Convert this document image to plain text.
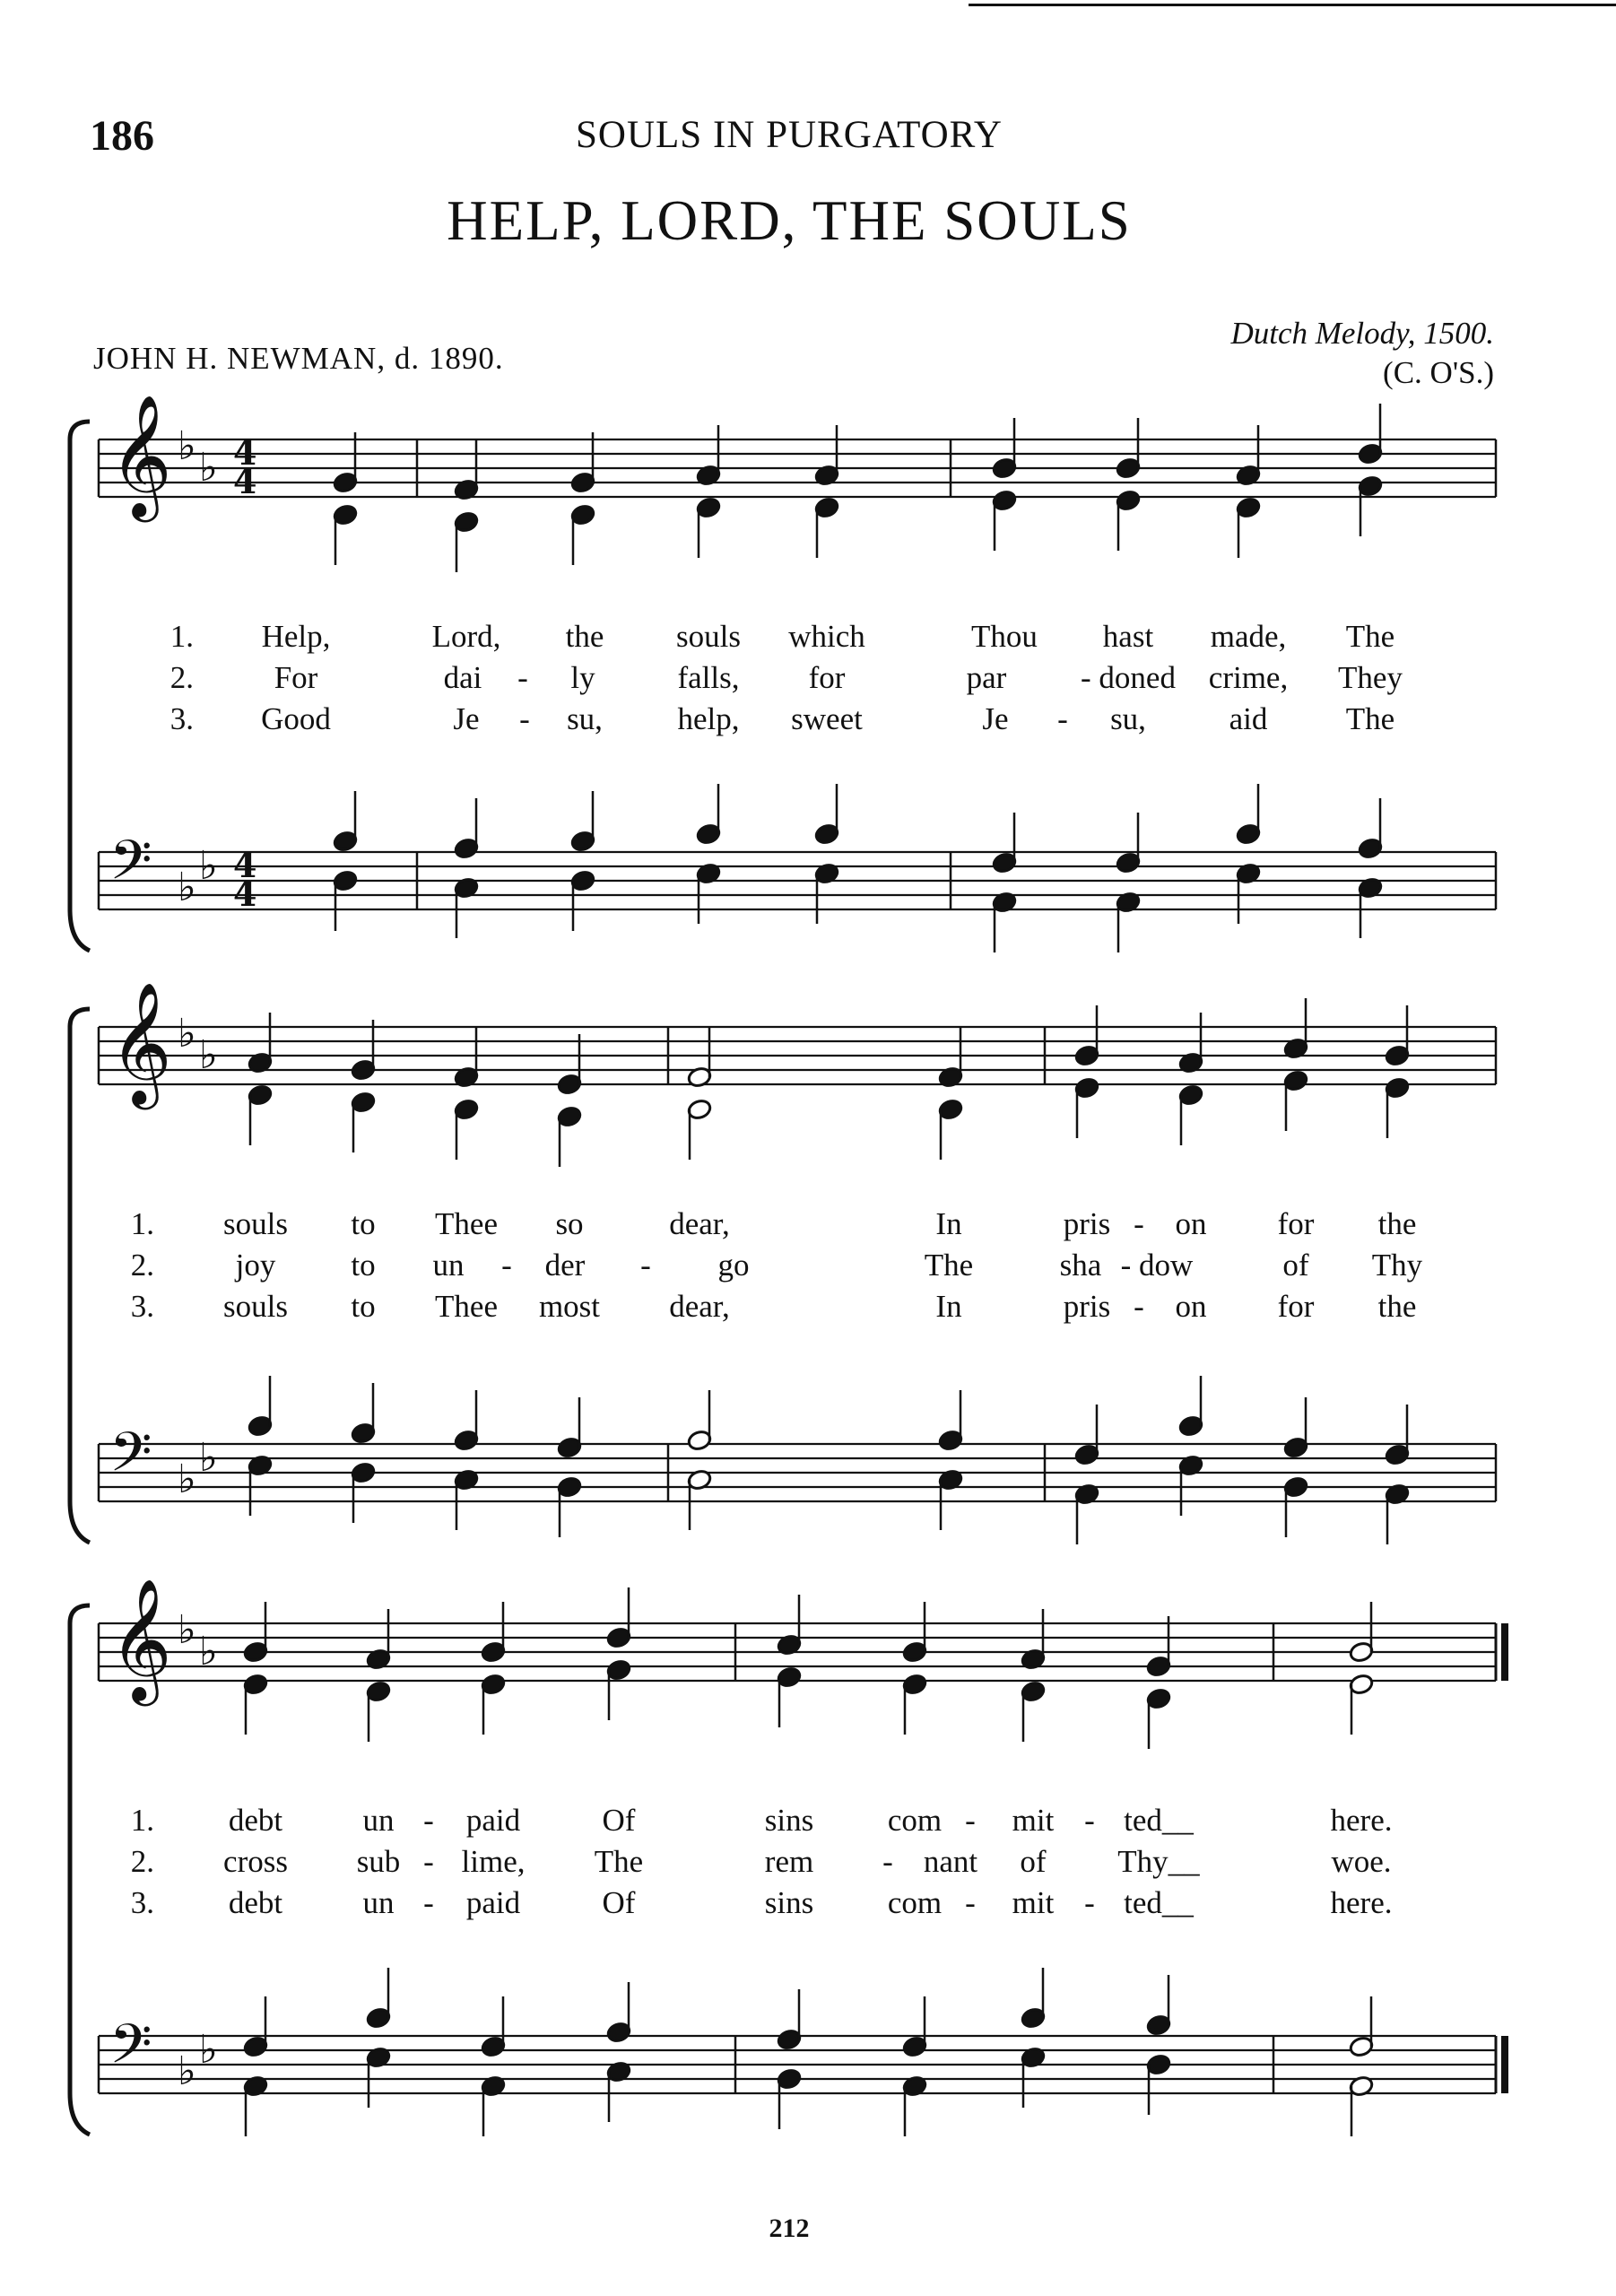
186	SOULS IN PURGATORY
HELP, LORD, THE SOULS
JOHN H. NEWMAN, d. 1890.
Dutch Melody, 1500.
(C. O'S.)
𝄞 ♭ ♭ 4
4
𝄢 ♭ ♭ 4
4
𝄞 ♭ ♭
𝄢 ♭ ♭
𝄞 ♭ ♭
𝄢 ♭ ♭
1.
2.
3.
Help,	Lord, the souls which	Thou hast made, The
For	dai - ly	falls, for	par - doned crime, They
Good	Je - su, help, sweet	Je - su,	aid The
1.
2.
3.
souls to Thee so	dear,	In	pris - on for the
joy to un - der - go	The	sha - dow	of Thy
souls to Thee most dear,	In	pris - on for the
1.
2.
3.
debt	un - paid	Of	sins com - mit - ted__	here.
cross sub - lime, The	rem - nant of Thy__	woe.
debt	un - paid	Of	sins com - mit - ted__	here.
212
